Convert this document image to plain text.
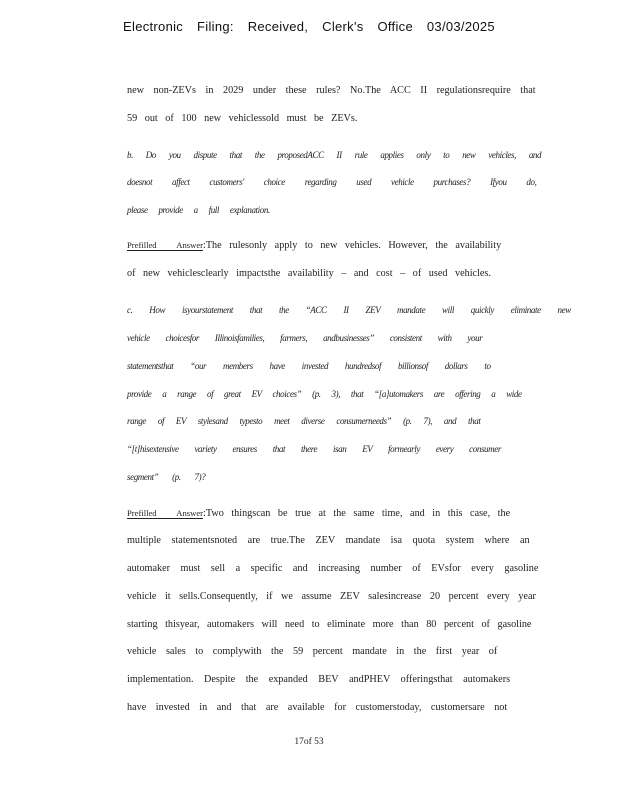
Electronic Filing: Received, Clerk's Office 03/03/2025
new non-ZEVs in 2029 under these rules? No.The ACC II regulationsrequire that
59 out of 100 new vehiclessold must be ZEVs.
b. Do you dispute that the proposedACC II rule applies only to new vehicles, and
doesnot affect customers' choice regarding used vehicle purchases? Ifyou do,
please provide a full explanation.
Prefilled Answer:The rulesonly apply to new vehicles. However, the availability
of new vehiclesclearly impactsthe availability – and cost – of used vehicles.
c. How isyourstatement that the “ACC II ZEV mandate will quickly eliminate new
vehicle choicesfor Illinoisfamilies, farmers, andbusinesses” consistent with your
statementsthat “our members have invested hundredsof billionsof dollars to
provide a range of great EV choices” (p. 3), that “[a]utomakers are offering a wide
range of EV stylesand typesto meet diverse consumerneeds” (p. 7), and that
“[t]hisextensive variety ensures that there isan EV formearly every consumer
segment” (p. 7)?
Prefilled Answer:Two thingscan be true at the same time, and in this case, the
multiple statementsnoted are true.The ZEV mandate isa quota system where an
automaker must sell a specific and increasing number of EVsfor every gasoline
vehicle it sells.Consequently, if we assume ZEV salesincrease 20 percent every year
starting thisyear, automakers will need to eliminate more than 80 percent of gasoline
vehicle sales to complywith the 59 percent mandate in the first year of
implementation. Despite the expanded BEV andPHEV offeringsthat automakers
have invested in and that are available for customerstoday, customersare not
17of 53
